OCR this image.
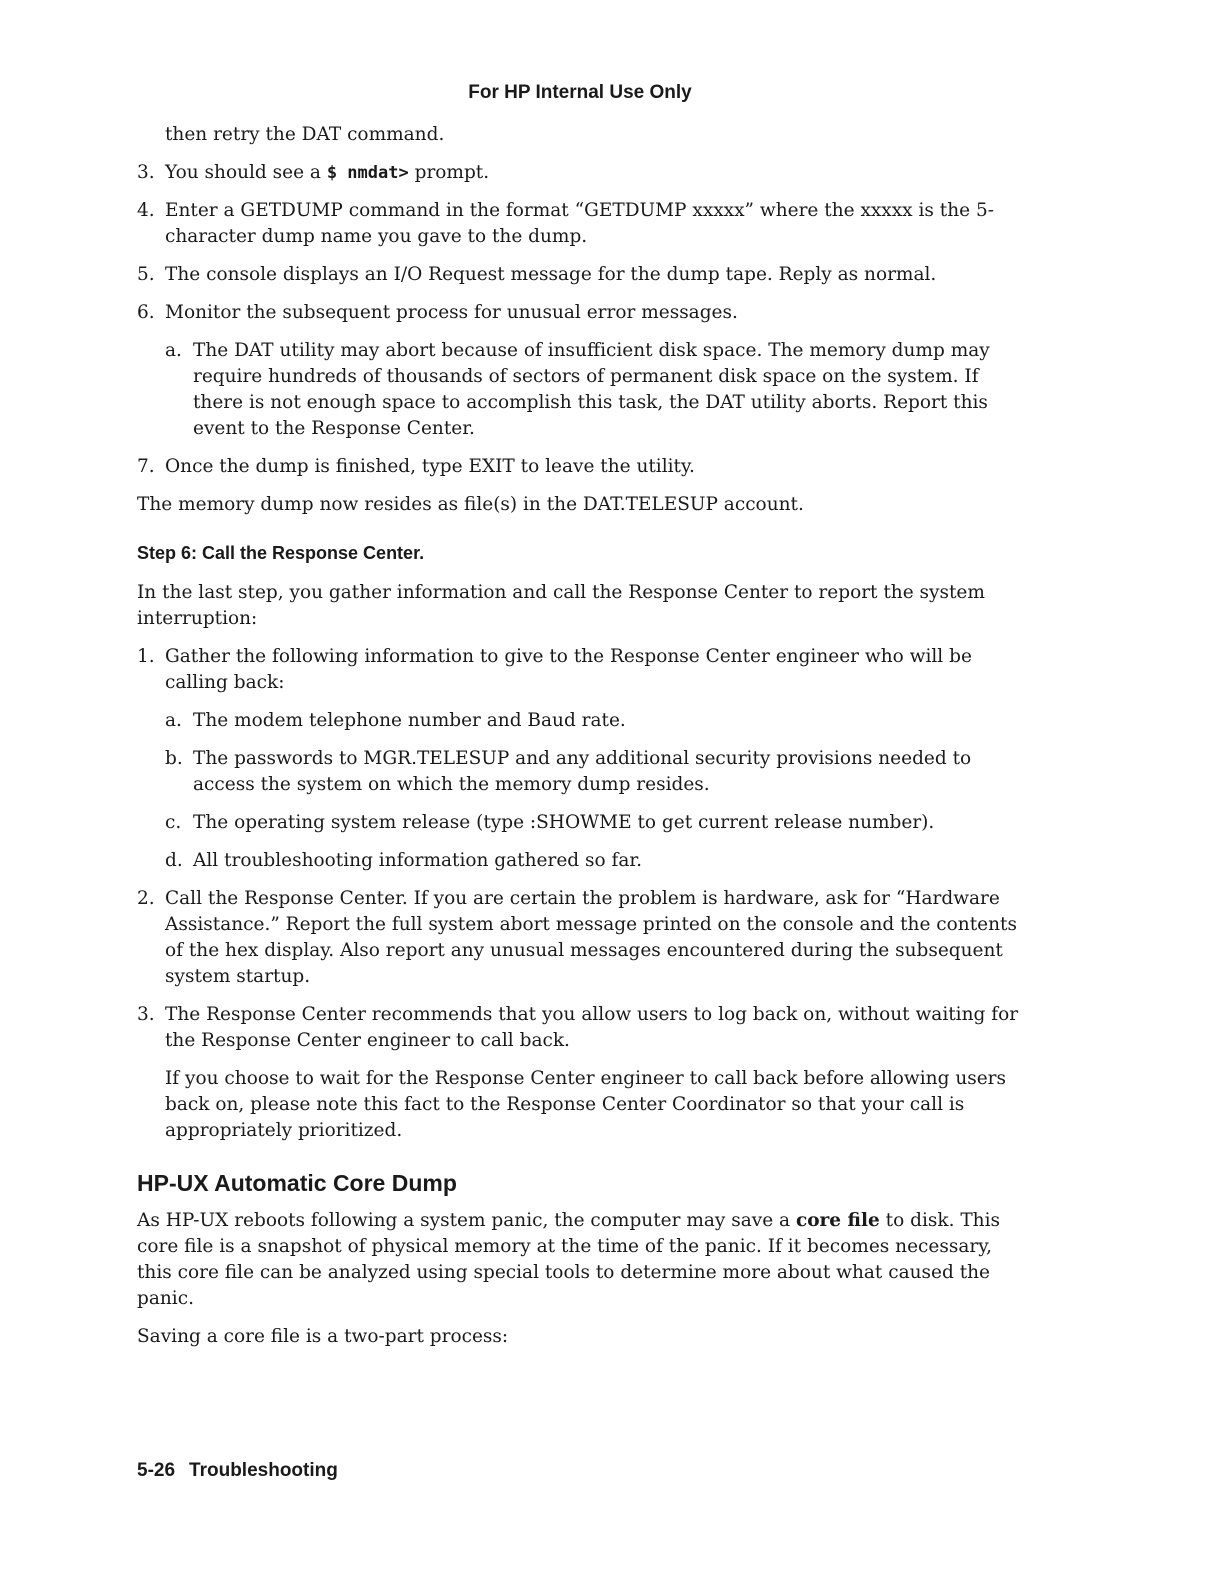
For HP Internal Use Only

then retry the DAT command.

3. You should see a $ nmdat> prompt.
4. Enter a GETDUMP command in the format “GETDUMP xxxxx” where the xxxxx is the 5-character dump name you gave to the dump.
5. The console displays an I/O Request message for the dump tape. Reply as normal.
6. Monitor the subsequent process for unusual error messages.
a. The DAT utility may abort because of insufficient disk space. The memory dump may require hundreds of thousands of sectors of permanent disk space on the system. If there is not enough space to accomplish this task, the DAT utility aborts. Report this event to the Response Center.
7. Once the dump is finished, type EXIT to leave the utility.

The memory dump now resides as file(s) in the DAT.TELESUP account.

Step 6: Call the Response Center.

In the last step, you gather information and call the Response Center to report the system interruption:

1. Gather the following information to give to the Response Center engineer who will be calling back:
a. The modem telephone number and Baud rate.
b. The passwords to MGR.TELESUP and any additional security provisions needed to access the system on which the memory dump resides.
c. The operating system release (type :SHOWME to get current release number).
d. All troubleshooting information gathered so far.
2. Call the Response Center. If you are certain the problem is hardware, ask for “Hardware Assistance.” Report the full system abort message printed on the console and the contents of the hex display. Also report any unusual messages encountered during the subsequent system startup.
3. The Response Center recommends that you allow users to log back on, without waiting for the Response Center engineer to call back.

If you choose to wait for the Response Center engineer to call back before allowing users back on, please note this fact to the Response Center Coordinator so that your call is appropriately prioritized.

HP-UX Automatic Core Dump

As HP-UX reboots following a system panic, the computer may save a core file to disk. This core file is a snapshot of physical memory at the time of the panic. If it becomes necessary, this core file can be analyzed using special tools to determine more about what caused the panic.

Saving a core file is a two-part process:

5-26 Troubleshooting
